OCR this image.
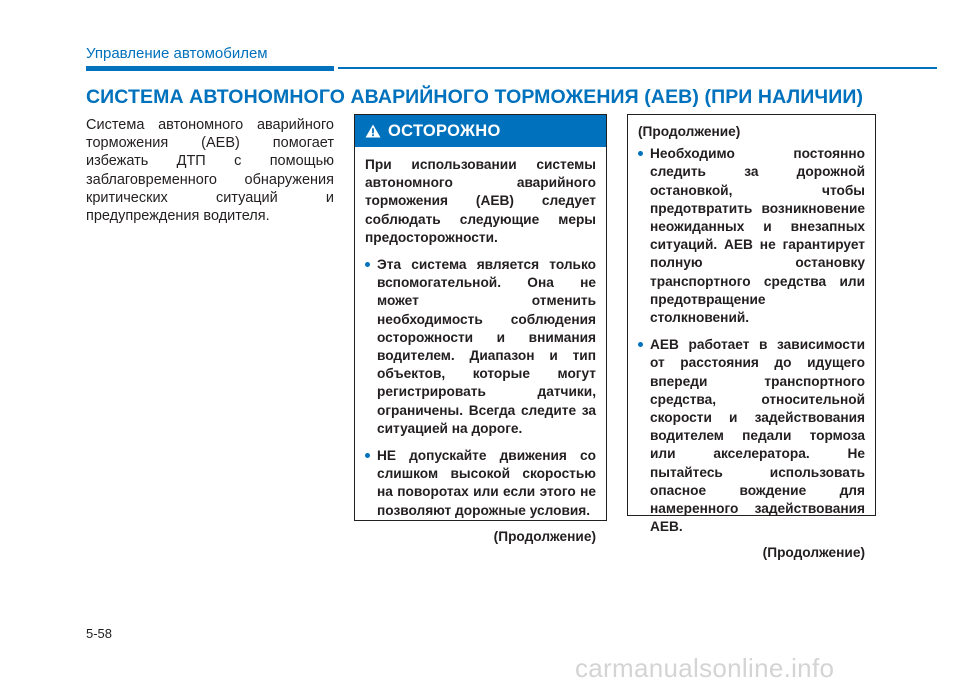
Управление автомобилем
СИСТЕМА АВТОНОМНОГО АВАРИЙНОГО ТОРМОЖЕНИЯ (AEB) (ПРИ НАЛИЧИИ)
Система автономного аварийного торможения (AEB) помогает избежать ДТП с помощью заблаговременного обнаружения критических ситуаций и предупреждения водителя.
ОСТОРОЖНО
При использовании системы автономного аварийного торможения (AEB) следует соблюдать следующие меры предосторожности.
Эта система является только вспомогательной. Она не может отменить необходимость соблюдения осторожности и внимания водителем. Диапазон и тип объектов, которые могут регистрировать датчики, ограничены. Всегда следите за ситуацией на дороге.
НЕ допускайте движения со слишком высокой скоростью на поворотах или если этого не позволяют дорожные условия.
(Продолжение)
(Продолжение)
Необходимо постоянно следить за дорожной остановкой, чтобы предотвратить возникновение неожиданных и внезапных ситуаций. AEB не гарантирует полную остановку транспортного средства или предотвращение столкновений.
AEB работает в зависимости от расстояния до идущего впереди транспортного средства, относительной скорости и задействования водителем педали тормоза или акселератора. Не пытайтесь использовать опасное вождение для намеренного задействования AEB.
(Продолжение)
5-58
carmanualsonline.info
